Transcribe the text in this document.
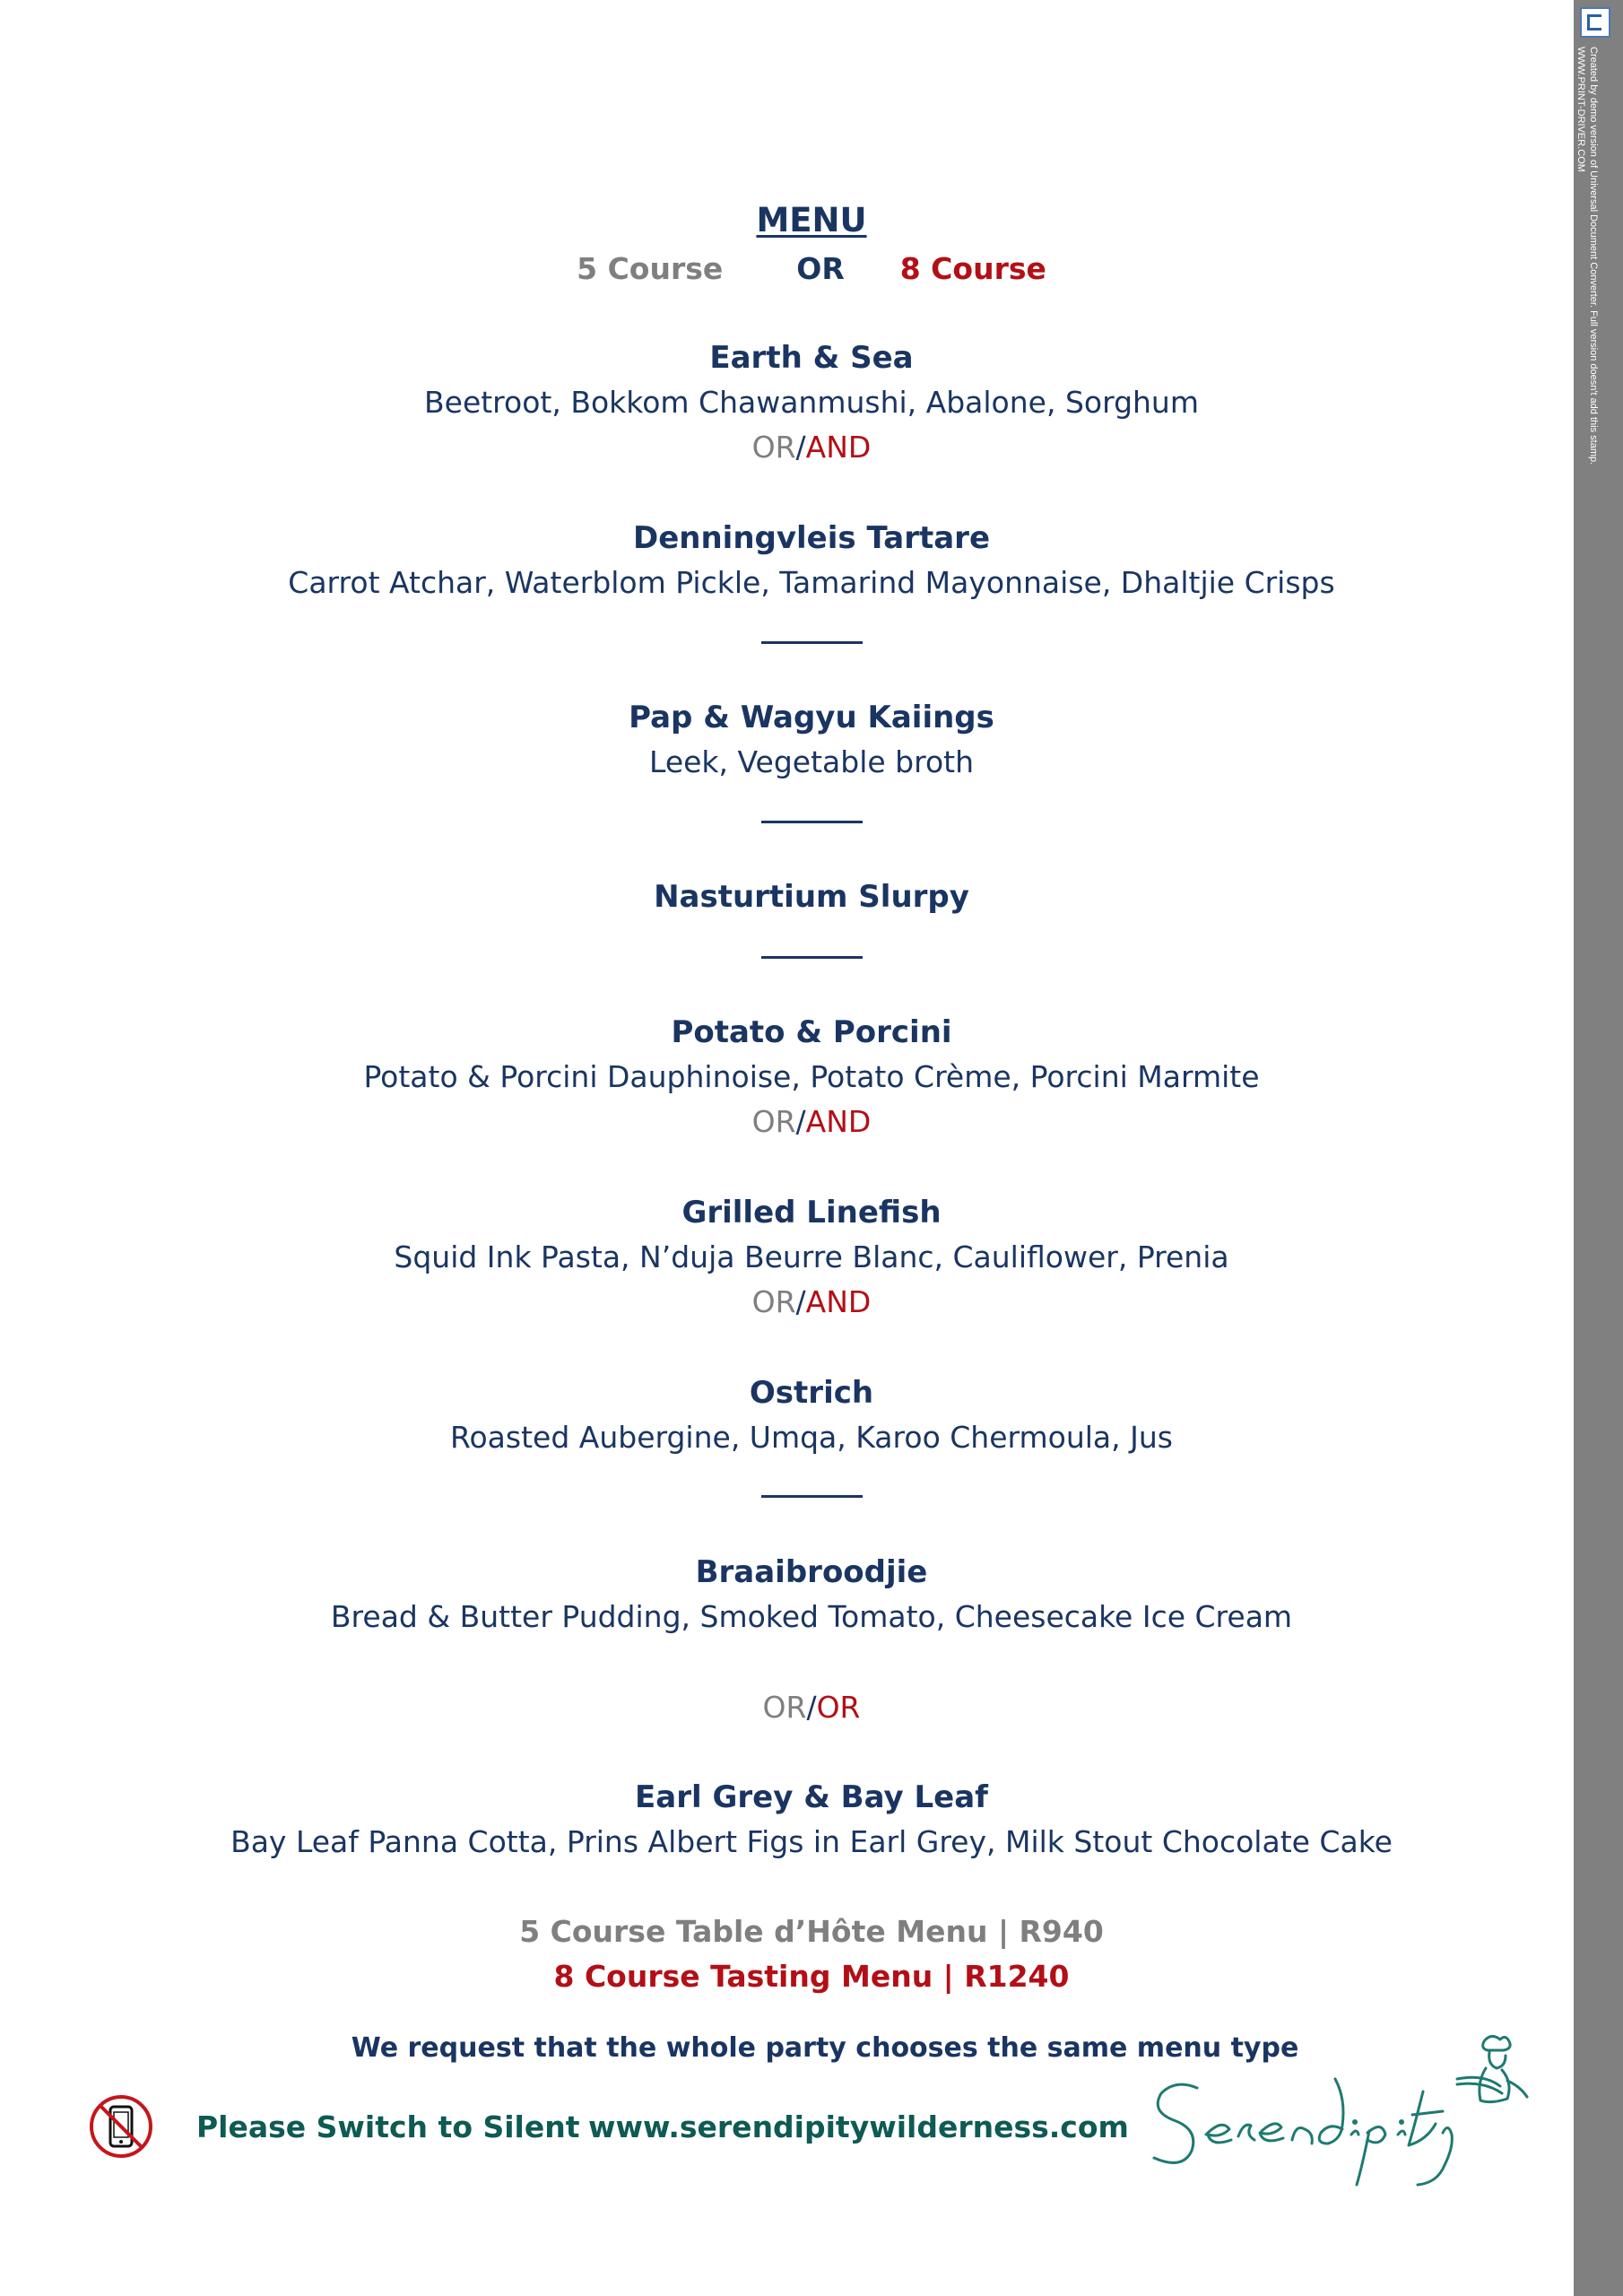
Created by demo version of Universal Document Converter. Full version doesn't add this stamp.
WWW.PRINT-DRIVER.COM
MENU
5 Course OR 8 Course
Earth & Sea
Beetroot, Bokkom Chawanmushi, Abalone, Sorghum
OR/AND
Denningvleis Tartare
Carrot Atchar, Waterblom Pickle, Tamarind Mayonnaise, Dhaltjie Crisps
Pap & Wagyu Kaiings
Leek, Vegetable broth
Nasturtium Slurpy
Potato & Porcini
Potato & Porcini Dauphinoise, Potato Crème, Porcini Marmite
OR/AND
Grilled Linefish
Squid Ink Pasta, N’duja Beurre Blanc, Cauliflower, Prenia
OR/AND
Ostrich
Roasted Aubergine, Umqa, Karoo Chermoula, Jus
Braaibroodjie
Bread & Butter Pudding, Smoked Tomato, Cheesecake Ice Cream
OR/OR
Earl Grey & Bay Leaf
Bay Leaf Panna Cotta, Prins Albert Figs in Earl Grey, Milk Stout Chocolate Cake
5 Course Table d’Hôte Menu | R940
8 Course Tasting Menu | R1240
We request that the whole party chooses the same menu type
Please Switch to Silent www.serendipitywilderness.com
